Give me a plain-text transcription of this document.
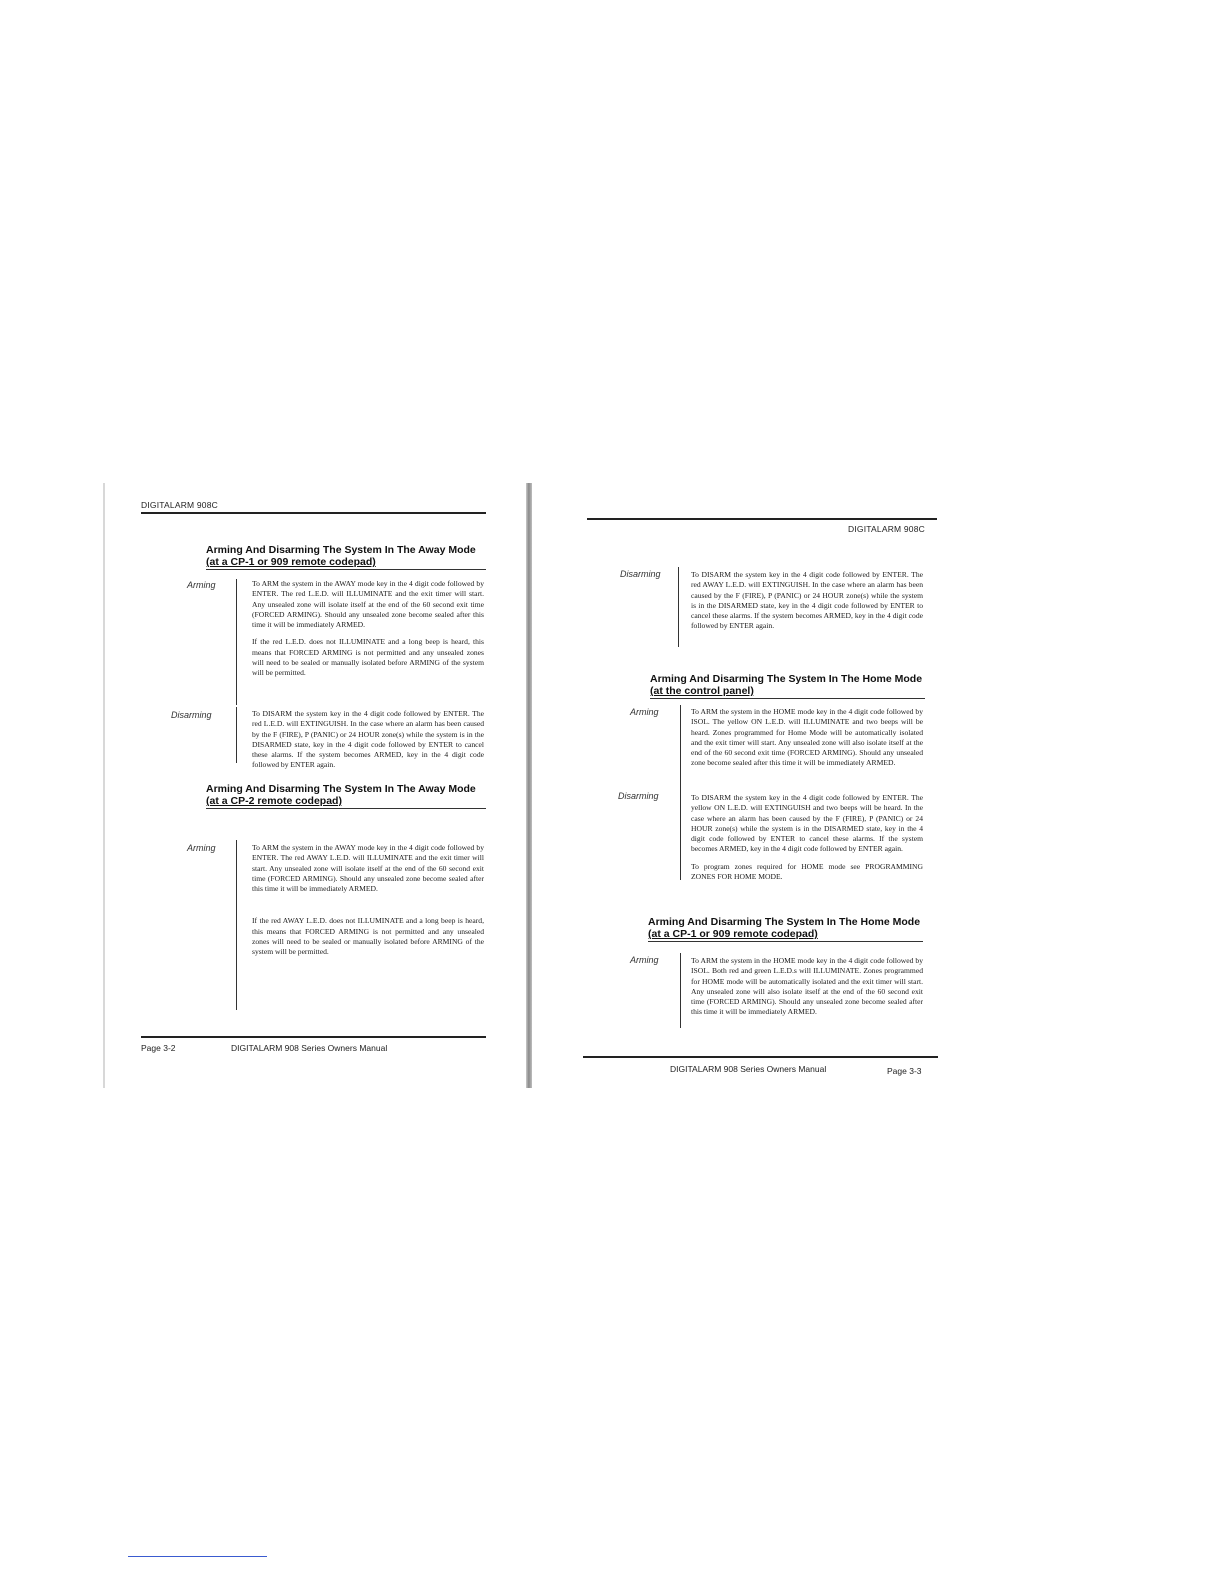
DIGITALARM 908C
Arming And Disarming The System In The Away Mode
(at a CP-1 or 909 remote codepad)
Arming	To ARM the system in the AWAY mode key in the 4 digit code followed by ENTER. The red L.E.D. will ILLUMINATE and the exit timer will start. Any unsealed zone will isolate itself at the end of the 60 second exit time (FORCED ARMING). Should any unsealed zone become sealed after this time it will be immediately ARMED.

If the red L.E.D. does not ILLUMINATE and a long beep is heard, this means that FORCED ARMING is not permitted and any unsealed zones will need to be sealed or manually isolated before ARMING of the system will be permitted.

Disarming	To DISARM the system key in the 4 digit code followed by ENTER. The red L.E.D. will EXTINGUISH. In the case where an alarm has been caused by the F (FIRE), P (PANIC) or 24 HOUR zone(s) while the system is in the DISARMED state, key in the 4 digit code followed by ENTER to cancel these alarms. If the system becomes ARMED, key in the 4 digit code followed by ENTER again.

Arming And Disarming The System In The Away Mode
(at a CP-2 remote codepad)
Arming	To ARM the system in the AWAY mode key in the 4 digit code followed by ENTER. The red AWAY L.E.D. will ILLUMINATE and the exit timer will start. Any unsealed zone will isolate itself at the end of the 60 second exit time (FORCED ARMING). Should any unsealed zone become sealed after this time it will be immediately ARMED.

If the red AWAY L.E.D. does not ILLUMINATE and a long beep is heard, this means that FORCED ARMING is not permitted and any unsealed zones will need to be sealed or manually isolated before ARMING of the system will be permitted.

Page 3-2	DIGITALARM 908 Series Owners Manual
DIGITALARM 908C
Disarming	To DISARM the system key in the 4 digit code followed by ENTER. The red AWAY L.E.D. will EXTINGUISH. In the case where an alarm has been caused by the F (FIRE), P (PANIC) or 24 HOUR zone(s) while the system is in the DISARMED state, key in the 4 digit code followed by ENTER to cancel these alarms. If the system becomes ARMED, key in the 4 digit code followed by ENTER again.

Arming And Disarming The System In The Home Mode
(at the control panel)
Arming	To ARM the system in the HOME mode key in the 4 digit code followed by ISOL. The yellow ON L.E.D. will ILLUMINATE and two beeps will be heard. Zones programmed for Home Mode will be automatically isolated and the exit timer will start. Any unsealed zone will also isolate itself at the end of the 60 second exit time (FORCED ARMING). Should any unsealed zone become sealed after this time it will be immediately ARMED.

Disarming	To DISARM the system key in the 4 digit code followed by ENTER. The yellow ON L.E.D. will EXTINGUISH and two beeps will be heard. In the case where an alarm has been caused by the F (FIRE), P (PANIC) or 24 HOUR zone(s) while the system is in the DISARMED state, key in the 4 digit code followed by ENTER to cancel these alarms. If the system becomes ARMED, key in the 4 digit code followed by ENTER again.

To program zones required for HOME mode see PROGRAMMING ZONES FOR HOME MODE.

Arming And Disarming The System In The Home Mode
(at a CP-1 or 909 remote codepad)
Arming	To ARM the system in the HOME mode key in the 4 digit code followed by ISOL. Both red and green L.E.D.s will ILLUMINATE. Zones programmed for HOME mode will be automatically isolated and the exit timer will start. Any unsealed zone will also isolate itself at the end of the 60 second exit time (FORCED ARMING). Should any unsealed zone become sealed after this time it will be immediately ARMED.

DIGITALARM 908 Series Owners Manual	Page 3-3
